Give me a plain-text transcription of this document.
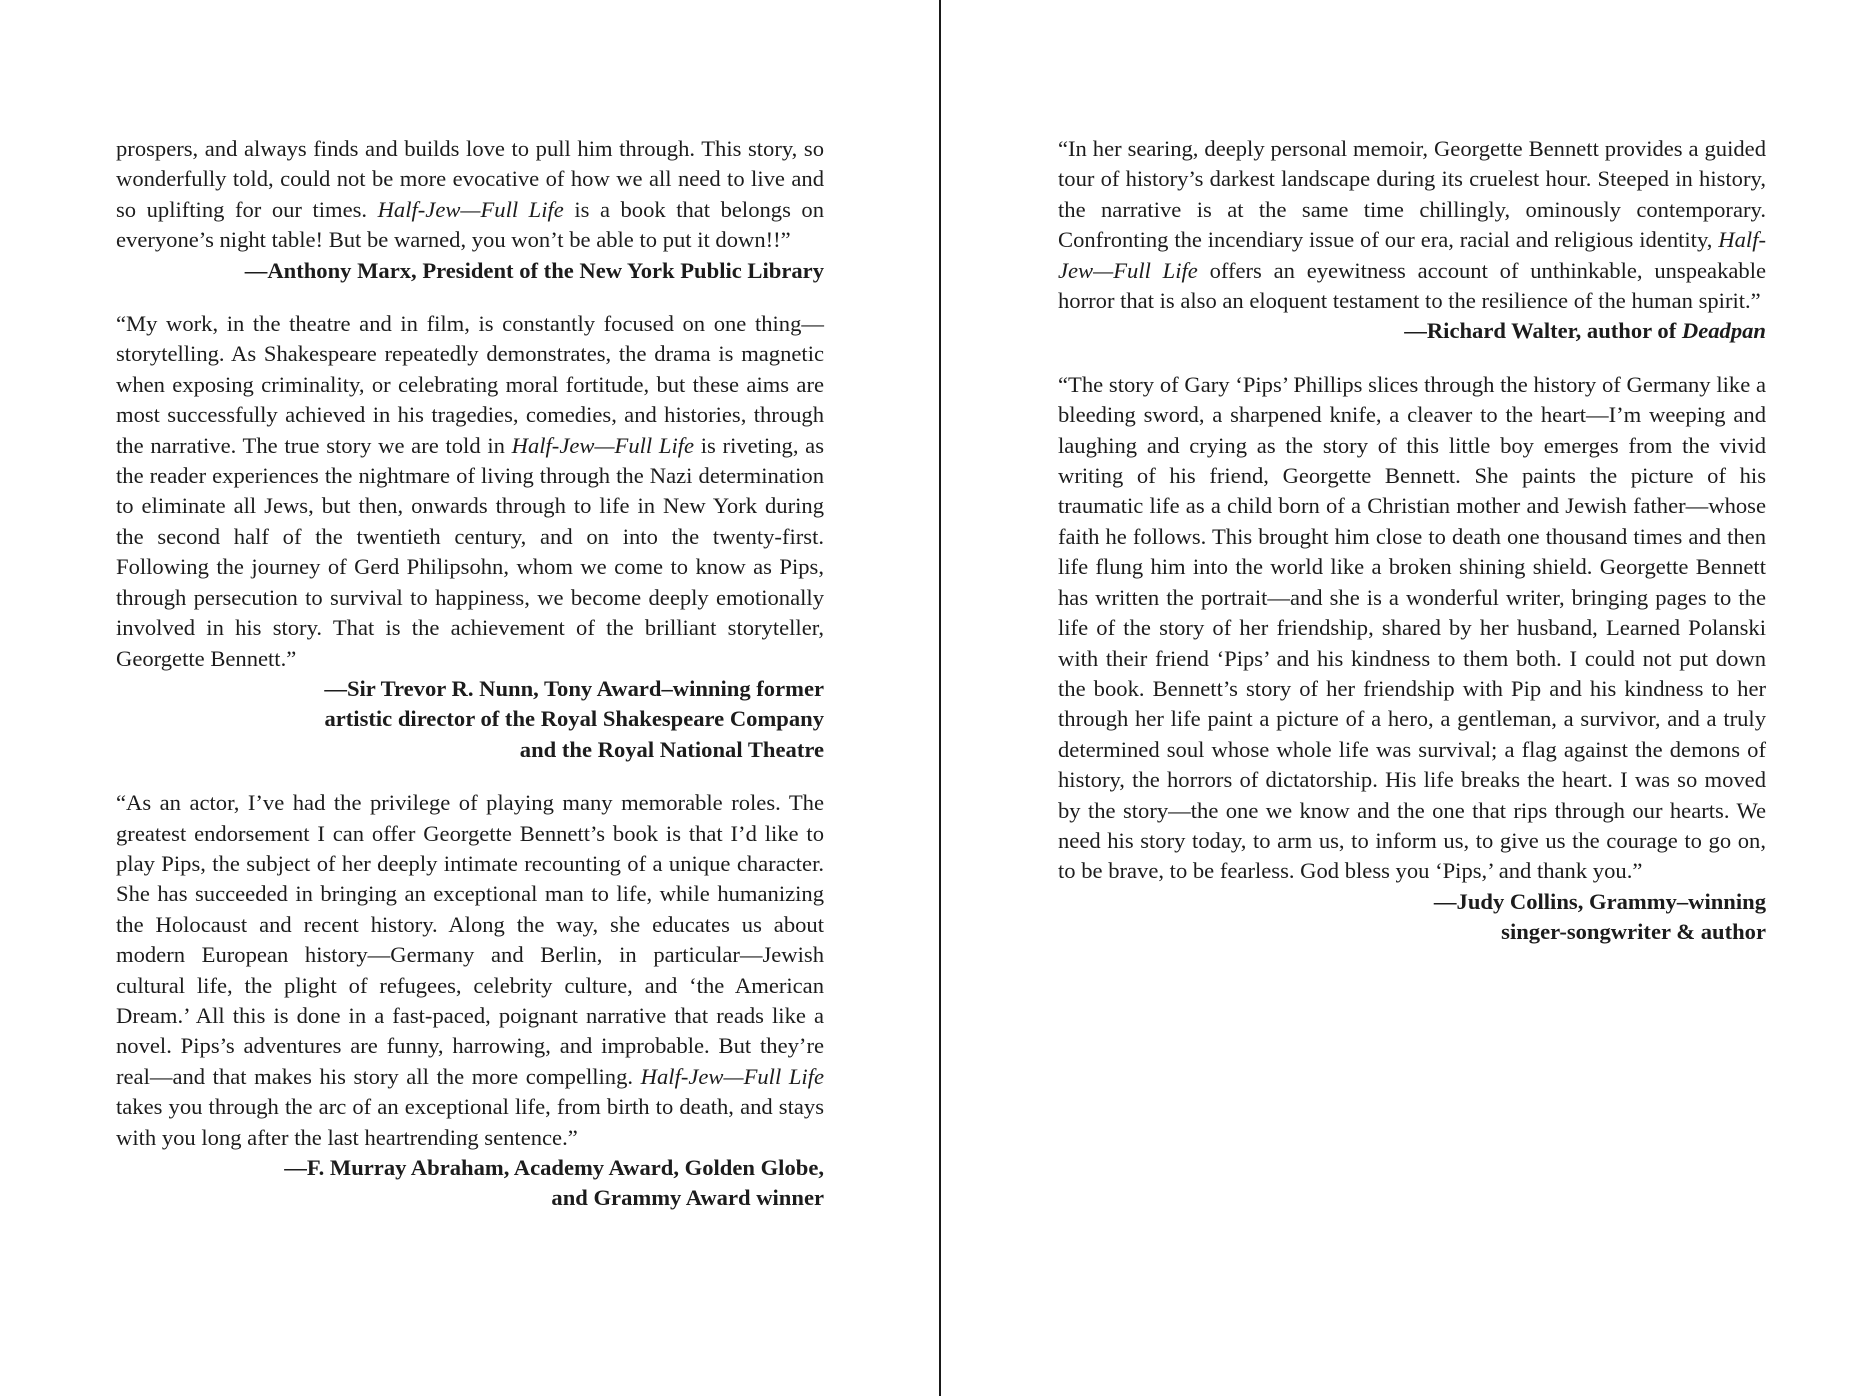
prospers, and always finds and builds love to pull him through. This story, so wonderfully told, could not be more evocative of how we all need to live and so uplifting for our times. Half-Jew—Full Life is a book that belongs on everyone’s night table! But be warned, you won’t be able to put it down!!”

—Anthony Marx, President of the New York Public Library

“My work, in the theatre and in film, is constantly focused on one thing—storytelling. As Shakespeare repeatedly demonstrates, the drama is magnetic when exposing criminality, or celebrating moral fortitude, but these aims are most successfully achieved in his tragedies, comedies, and histories, through the narrative. The true story we are told in Half-Jew—Full Life is riveting, as the reader experiences the nightmare of living through the Nazi determination to eliminate all Jews, but then, onwards through to life in New York during the second half of the twentieth century, and on into the twenty-first. Following the journey of Gerd Philipsohn, whom we come to know as Pips, through persecution to survival to happiness, we become deeply emotionally involved in his story. That is the achievement of the brilliant storyteller, Georgette Bennett.”

—Sir Trevor R. Nunn, Tony Award–winning former
artistic director of the Royal Shakespeare Company
and the Royal National Theatre

“As an actor, I’ve had the privilege of playing many memorable roles. The greatest endorsement I can offer Georgette Bennett’s book is that I’d like to play Pips, the subject of her deeply intimate recounting of a unique character. She has succeeded in bringing an exceptional man to life, while humanizing the Holocaust and recent history. Along the way, she educates us about modern European history—Germany and Berlin, in particular—Jewish cultural life, the plight of refugees, celebrity culture, and ‘the American Dream.’ All this is done in a fast-paced, poignant narrative that reads like a novel. Pips’s adventures are funny, harrowing, and improbable. But they’re real—and that makes his story all the more compelling. Half-Jew—Full Life takes you through the arc of an exceptional life, from birth to death, and stays with you long after the last heartrending sentence.”

—F. Murray Abraham, Academy Award, Golden Globe,
and Grammy Award winner

“In her searing, deeply personal memoir, Georgette Bennett provides a guided tour of history’s darkest landscape during its cruelest hour. Steeped in history, the narrative is at the same time chillingly, ominously contemporary. Confronting the incendiary issue of our era, racial and religious identity, Half-Jew—Full Life offers an eyewitness account of unthinkable, unspeakable horror that is also an eloquent testament to the resilience of the human spirit.”

—Richard Walter, author of Deadpan

“The story of Gary ‘Pips’ Phillips slices through the history of Germany like a bleeding sword, a sharpened knife, a cleaver to the heart—I’m weeping and laughing and crying as the story of this little boy emerges from the vivid writing of his friend, Georgette Bennett. She paints the picture of his traumatic life as a child born of a Christian mother and Jewish father—whose faith he follows. This brought him close to death one thousand times and then life flung him into the world like a broken shining shield. Georgette Bennett has written the portrait—and she is a wonderful writer, bringing pages to the life of the story of her friendship, shared by her husband, Learned Polanski with their friend ‘Pips’ and his kindness to them both. I could not put down the book. Bennett’s story of her friendship with Pip and his kindness to her through her life paint a picture of a hero, a gentleman, a survivor, and a truly determined soul whose whole life was survival; a flag against the demons of history, the horrors of dictatorship. His life breaks the heart. I was so moved by the story—the one we know and the one that rips through our hearts. We need his story today, to arm us, to inform us, to give us the courage to go on, to be brave, to be fearless. God bless you ‘Pips,’ and thank you.”

—Judy Collins, Grammy–winning
singer-songwriter & author
